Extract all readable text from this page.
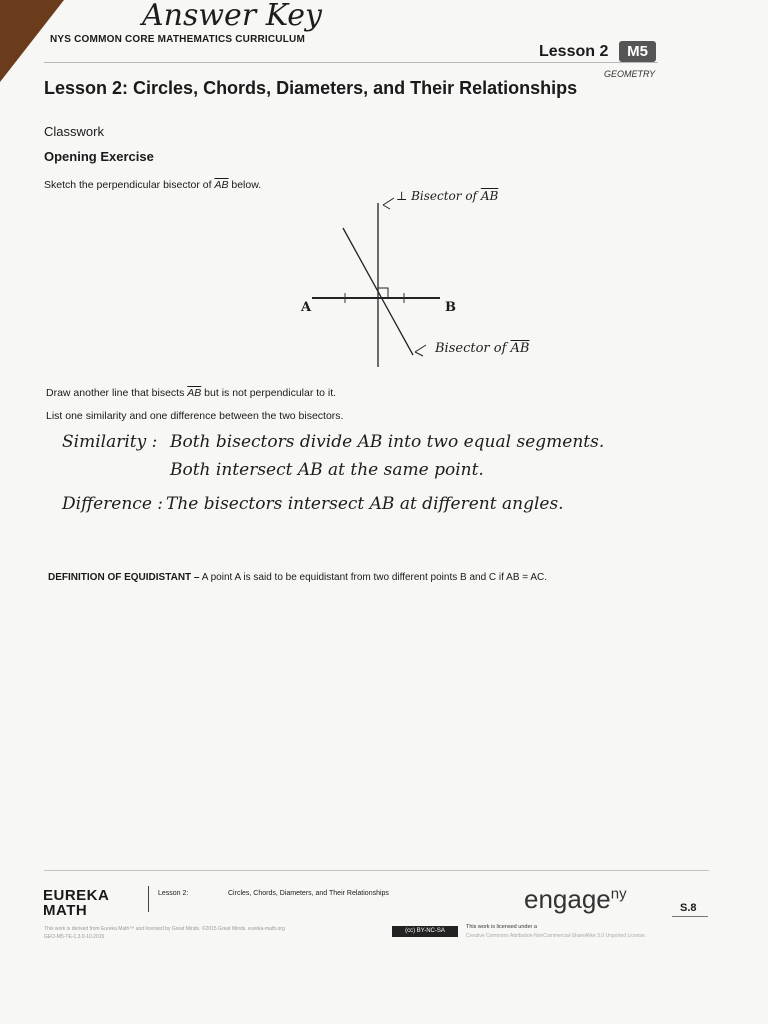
Answer Key
NYS COMMON CORE MATHEMATICS CURRICULUM
Lesson 2	M5
GEOMETRY
Lesson 2: Circles, Chords, Diameters, and Their Relationships
Classwork
Opening Exercise
Sketch the perpendicular bisector of $\overline{AB}$ below.
A	B
⊥ Bisector of $\overline{AB}$
Bisector of $\overline{AB}$
Draw another line that bisects $\overline{AB}$ but is not perpendicular to it.
List one similarity and one difference between the two bisectors.
Similarity : Both bisectors divide AB into two equal segments.
Both intersect AB at the same point.
Difference : The bisectors intersect AB at different angles.
DEFINITION OF EQUIDISTANT – A point A is said to be equidistant from two different points B and C if AB = AC.
EUREKA
MATH
Lesson 2:	Circles, Chords, Diameters, and Their Relationships	engage$^{ny}$
S.8
This work is derived from Eureka Math™ and licensed by Great Minds. ©2015 Great Minds. eureka-math.org
GEO-M5-TE-1.3.0-10.2015
(cc) BY-NC-SA
This work is licensed under a
Creative Commons Attribution-NonCommercial-ShareAlike 3.0 Unported License.
